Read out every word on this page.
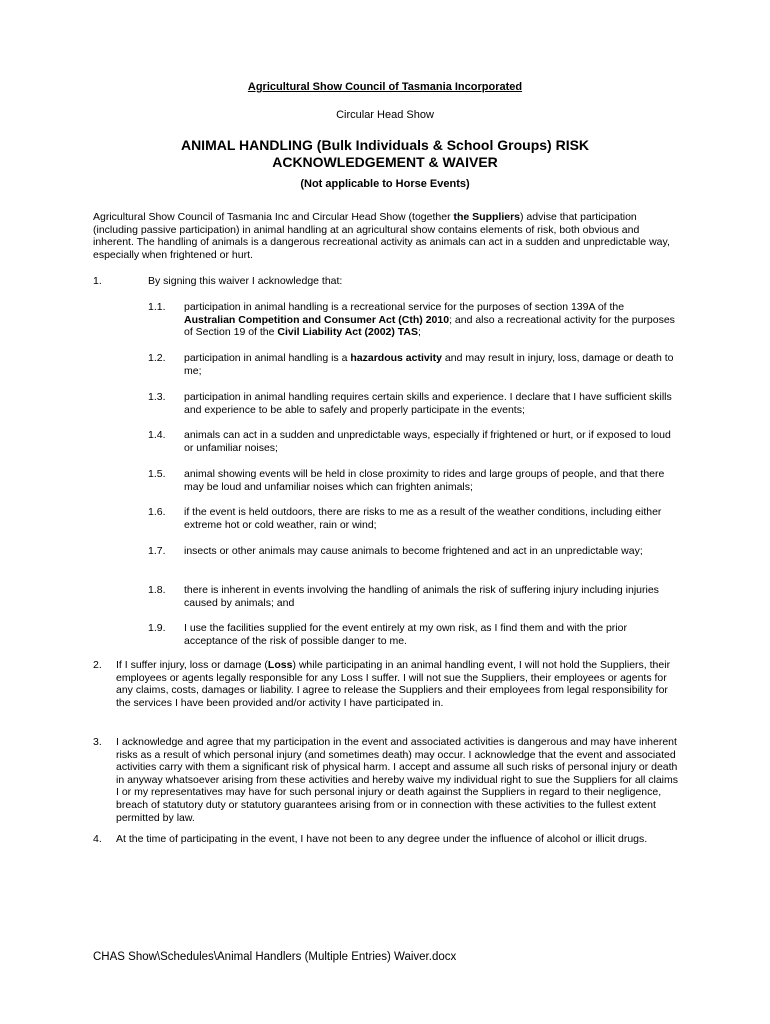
Agricultural Show Council of Tasmania Incorporated
Circular Head Show
ANIMAL HANDLING (Bulk Individuals & School Groups) RISK
ACKNOWLEDGEMENT & WAIVER
(Not applicable to Horse Events)
Agricultural Show Council of Tasmania Inc and Circular Head Show (together the Suppliers) advise that participation (including passive participation) in animal handling at an agricultural show contains elements of risk, both obvious and inherent. The handling of animals is a dangerous recreational activity as animals can act in a sudden and unpredictable way, especially when frightened or hurt.
1.	By signing this waiver I acknowledge that:
1.1. participation in animal handling is a recreational service for the purposes of section 139A of the Australian Competition and Consumer Act (Cth) 2010; and also a recreational activity for the purposes of Section 19 of the Civil Liability Act (2002) TAS;
1.2. participation in animal handling is a hazardous activity and may result in injury, loss, damage or death to me;
1.3. participation in animal handling requires certain skills and experience. I declare that I have sufficient skills and experience to be able to safely and properly participate in the events;
1.4. animals can act in a sudden and unpredictable ways, especially if frightened or hurt, or if exposed to loud or unfamiliar noises;
1.5. animal showing events will be held in close proximity to rides and large groups of people, and that there may be loud and unfamiliar noises which can frighten animals;
1.6. if the event is held outdoors, there are risks to me as a result of the weather conditions, including either extreme hot or cold weather, rain or wind;
1.7. insects or other animals may cause animals to become frightened and act in an unpredictable way;
1.8. there is inherent in events involving the handling of animals the risk of suffering injury including injuries caused by animals; and
1.9. I use the facilities supplied for the event entirely at my own risk, as I find them and with the prior acceptance of the risk of possible danger to me.
2. If I suffer injury, loss or damage (Loss) while participating in an animal handling event, I will not hold the Suppliers, their employees or agents legally responsible for any Loss I suffer. I will not sue the Suppliers, their employees or agents for any claims, costs, damages or liability. I agree to release the Suppliers and their employees from legal responsibility for the services I have been provided and/or activity I have participated in.
3. I acknowledge and agree that my participation in the event and associated activities is dangerous and may have inherent risks as a result of which personal injury (and sometimes death) may occur. I acknowledge that the event and associated activities carry with them a significant risk of physical harm. I accept and assume all such risks of personal injury or death in anyway whatsoever arising from these activities and hereby waive my individual right to sue the Suppliers for all claims I or my representatives may have for such personal injury or death against the Suppliers in regard to their negligence, breach of statutory duty or statutory guarantees arising from or in connection with these activities to the fullest extent permitted by law.
4. At the time of participating in the event, I have not been to any degree under the influence of alcohol or illicit drugs.
CHAS Show\Schedules\Animal Handlers (Multiple Entries) Waiver.docx
